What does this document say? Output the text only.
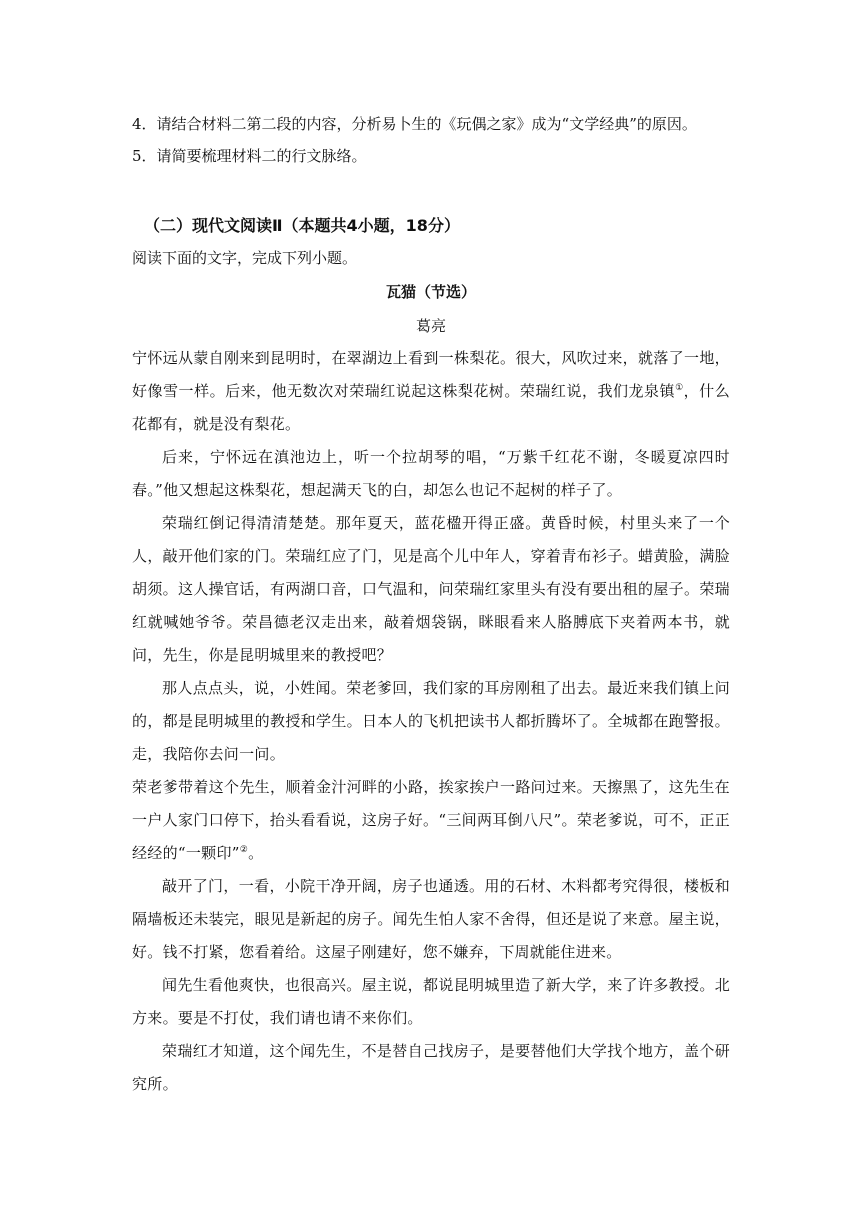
4．请结合材料二第二段的内容，分析易卜生的《玩偶之家》成为“文学经典”的原因。

5．请简要梳理材料二的行文脉络。

（二）现代文阅读Ⅱ（本题共4小题，18分）

阅读下面的文字，完成下列小题。

瓦猫（节选）

葛亮

宁怀远从蒙自刚来到昆明时，在翠湖边上看到一株梨花。很大，风吹过来，就落了一地，好像雪一样。后来，他无数次对荣瑞红说起这株梨花树。荣瑞红说，我们龙泉镇①，什么花都有，就是没有梨花。

后来，宁怀远在滇池边上，听一个拉胡琴的唱，“万紫千红花不谢，冬暖夏凉四时春。”他又想起这株梨花，想起满天飞的白，却怎么也记不起树的样子了。

荣瑞红倒记得清清楚楚。那年夏天，蓝花楹开得正盛。黄昏时候，村里头来了一个人，敲开他们家的门。荣瑞红应了门，见是高个儿中年人，穿着青布衫子。蜡黄脸，满脸胡须。这人操官话，有两湖口音，口气温和，问荣瑞红家里头有没有要出租的屋子。荣瑞红就喊她爷爷。荣昌德老汉走出来，敲着烟袋锅，眯眼看来人胳膊底下夹着两本书，就问，先生，你是昆明城里来的教授吧？

那人点点头，说，小姓闻。荣老爹回，我们家的耳房刚租了出去。最近来我们镇上问的，都是昆明城里的教授和学生。日本人的飞机把读书人都折腾坏了。全城都在跑警报。走，我陪你去问一问。

荣老爹带着这个先生，顺着金汁河畔的小路，挨家挨户一路问过来。天擦黑了，这先生在一户人家门口停下，抬头看看说，这房子好。“三间两耳倒八尺”。荣老爹说，可不，正正经经的“一颗印”②。

敲开了门，一看，小院干净开阔，房子也通透。用的石材、木料都考究得很，楼板和隔墙板还未装完，眼见是新起的房子。闻先生怕人家不舍得，但还是说了来意。屋主说，好。钱不打紧，您看着给。这屋子刚建好，您不嫌弃，下周就能住进来。

闻先生看他爽快，也很高兴。屋主说，都说昆明城里造了新大学，来了许多教授。北方来。要是不打仗，我们请也请不来你们。

荣瑞红才知道，这个闻先生，不是替自己找房子，是要替他们大学找个地方，盖个研究所。
